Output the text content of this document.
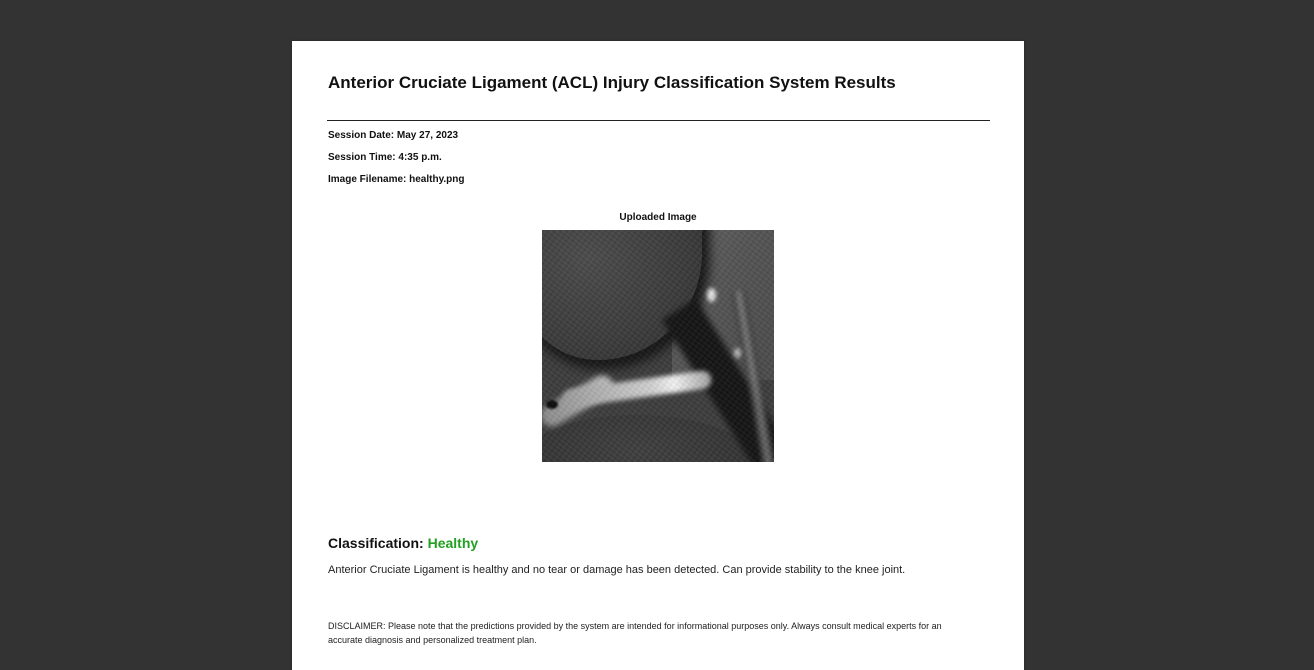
Anterior Cruciate Ligament (ACL) Injury Classification System Results
Session Date: May 27, 2023
Session Time: 4:35 p.m.
Image Filename: healthy.png
Uploaded Image
Classification: Healthy
Anterior Cruciate Ligament is healthy and no tear or damage has been detected. Can provide stability to the knee joint.
DISCLAIMER: Please note that the predictions provided by the system are intended for informational purposes only. Always consult medical experts for an accurate diagnosis and personalized treatment plan.
